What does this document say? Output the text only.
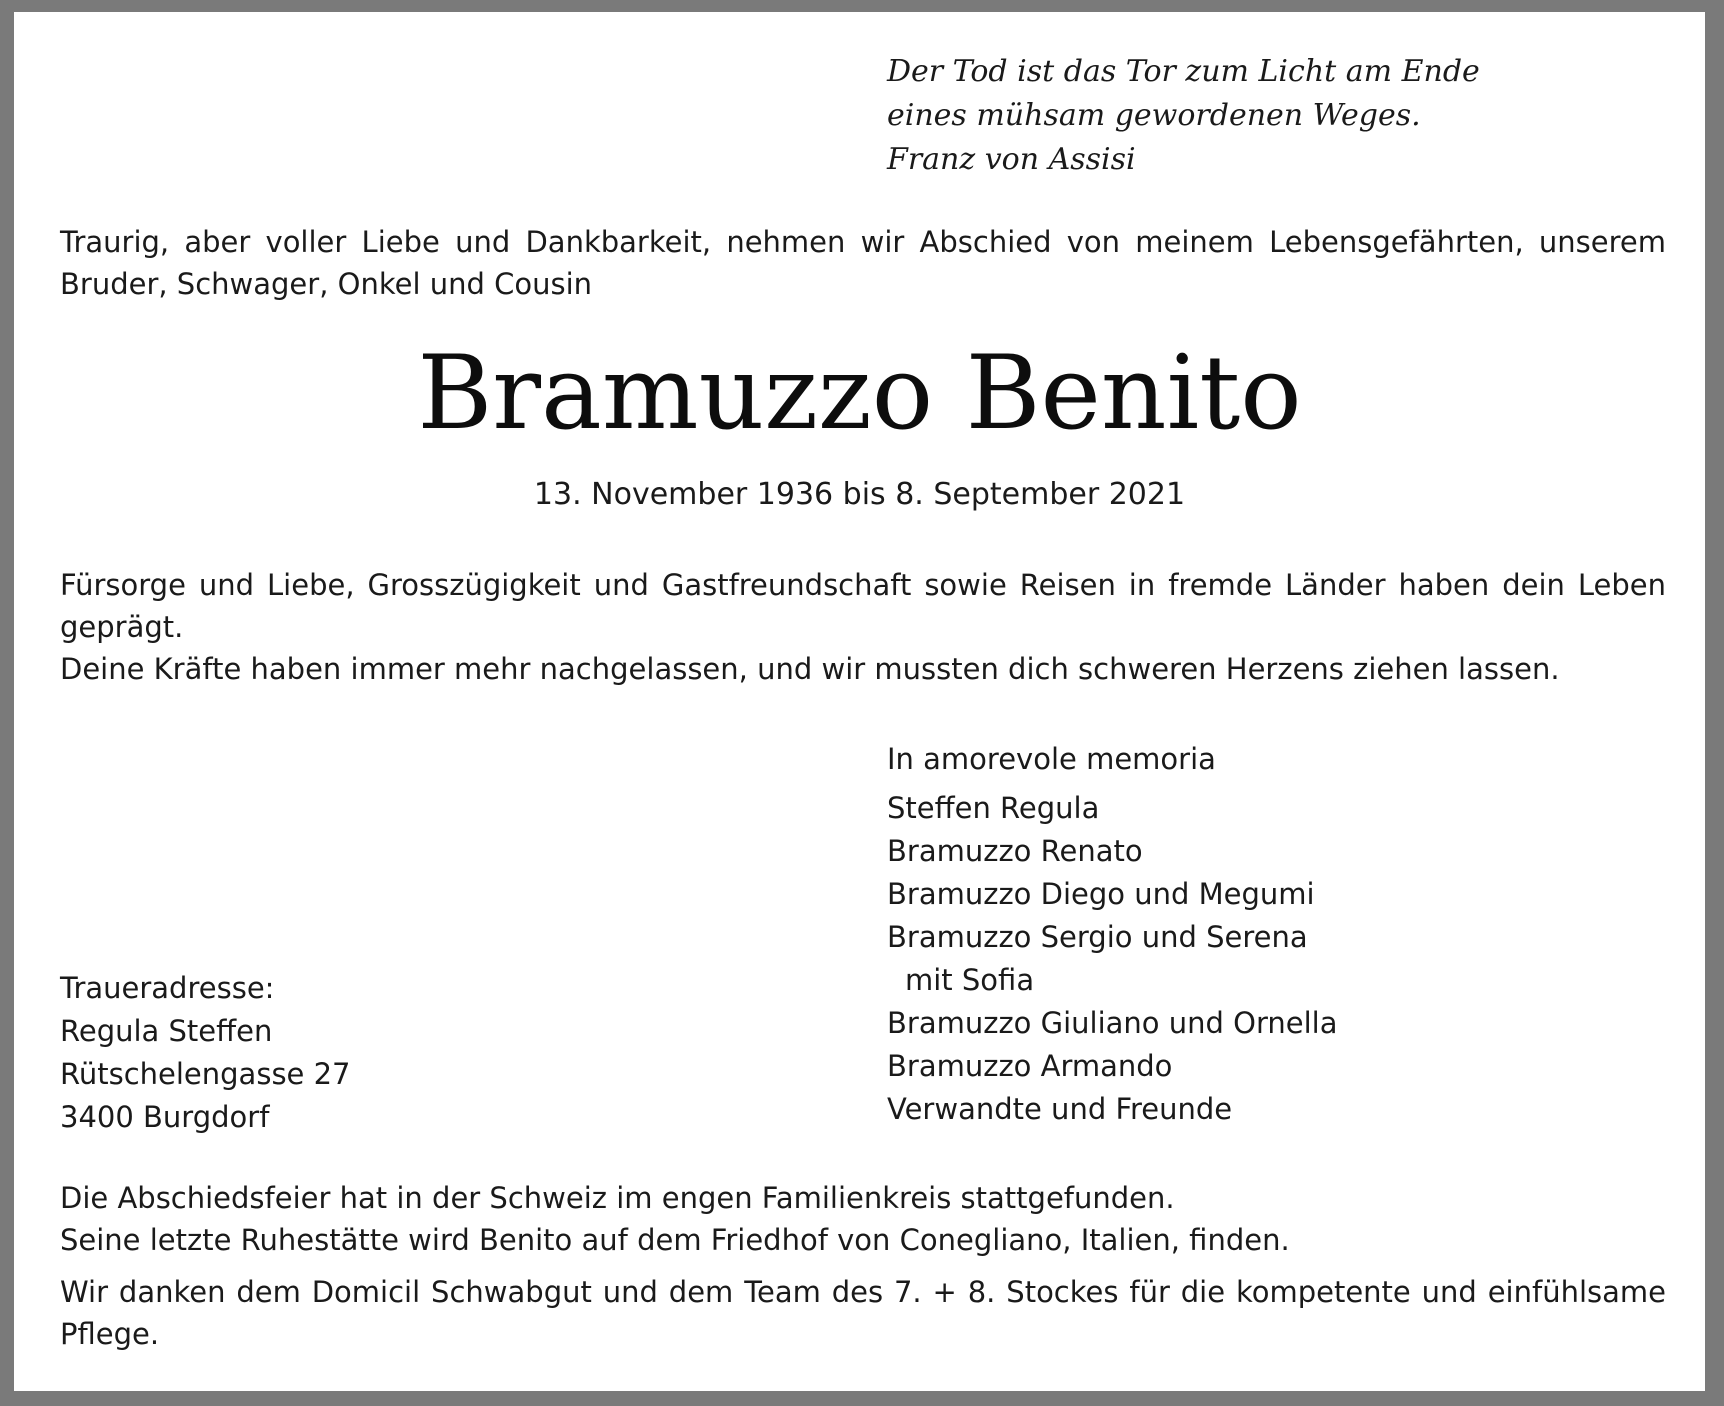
Der Tod ist das Tor zum Licht am Ende
eines mühsam gewordenen Weges.
Franz von Assisi
Traurig, aber voller Liebe und Dankbarkeit, nehmen wir Abschied von meinem Lebensgefährten, unserem Bruder, Schwager, Onkel und Cousin
Bramuzzo Benito
13. November 1936 bis 8. September 2021
Fürsorge und Liebe, Grosszügigkeit und Gastfreundschaft sowie Reisen in fremde Länder haben dein Leben geprägt.
Deine Kräfte haben immer mehr nachgelassen, und wir mussten dich schweren Herzens ziehen lassen.
In amorevole memoria
Steffen Regula
Bramuzzo Renato
Bramuzzo Diego und Megumi
Bramuzzo Sergio und Serena
mit Sofia
Bramuzzo Giuliano und Ornella
Bramuzzo Armando
Verwandte und Freunde
Traueradresse:
Regula Steffen
Rütschelengasse 27
3400 Burgdorf
Die Abschiedsfeier hat in der Schweiz im engen Familienkreis stattgefunden.
Seine letzte Ruhestätte wird Benito auf dem Friedhof von Conegliano, Italien, finden.
Wir danken dem Domicil Schwabgut und dem Team des 7. + 8. Stockes für die kompetente und einfühlsame Pflege.
